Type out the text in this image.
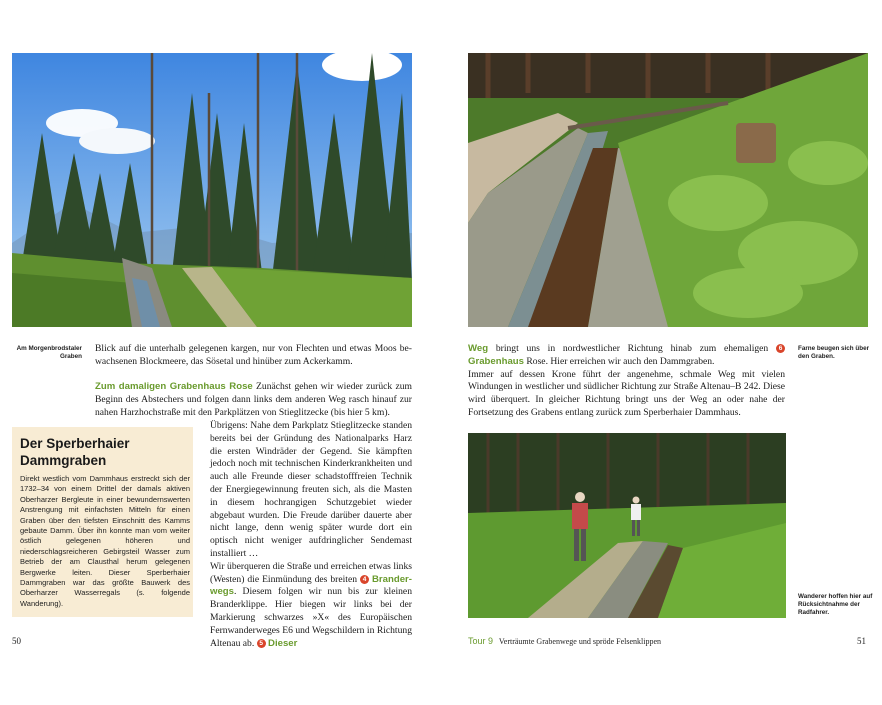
Am Morgenbrodstaler Graben

Blick auf die unterhalb gelegenen kargen, nur von Flechten und etwas Moos bewachsenen Blockmeere, das Sösetal und hinüber zum Ackerkamm.

Zum damaligen Grabenhaus Rose Zunächst gehen wir wieder zurück zum Beginn des Abstechers und folgen dann links dem anderen Weg rasch hinauf zur nahen Harzhochstraße mit den Parkplätzen von Stieglitzecke (bis hier 5 km).

Übrigens: Nahe dem Parkplatz Stieglitzecke standen bereits bei der Gründung des Nationalparks Harz die ersten Windräder der Gegend. Sie kämpften jedoch noch mit technischen Kinderkrankheiten und auch alle Freunde dieser schadstofffreien Technik der Energiegewinnung freuten sich, als die Masten in diesem hochrangigen Schutzgebiet wieder abgebaut wurden. Die Freude darüber dauerte aber nicht lange, denn wenig später wurde dort ein optisch nicht weniger aufdringlicher Sendemast installiert …

Wir überqueren die Straße und erreichen etwas links (Westen) die Einmündung des breiten 4 Branderwegs. Diesem folgen wir nun bis zur kleinen Branderklippe. Hier biegen wir links bei der Markierung schwarzes »X« des Europäischen Fernwanderweges E6 und Wegschildern in Richtung Altenau ab. 5 Dieser

Der Sperberhaier
Dammgraben
Direkt westlich vom Dammhaus erstreckt sich der 1732–34 von einem Drittel der damals aktiven Oberharzer Bergleute in einer bewundernswerten Anstrengung mit einfachsten Mitteln für einen Graben über den tiefsten Einschnitt des Kamms gebaute Damm. Über ihn konnte man vom weiter östlich gelegenen höheren und niederschlagsreicheren Gebirgsteil Wasser zum Betrieb der am Clausthal herum gelegenen Bergwerke leiten. Dieser Sperberhaier Dammgraben war das größte Bauwerk des Oberharzer Wasserregals (s. folgende Wanderung).
50
Farne beugen sich über den Graben.

Weg bringt uns in nordwestlicher Richtung hinab zum ehemaligen 6 Grabenhaus Rose. Hier erreichen wir auch den Dammgraben.

Immer auf dessen Krone führt der angenehme, schmale Weg mit vielen Windungen in westlicher und südlicher Richtung zur Straße Altenau–B 242. Diese wird überquert. In gleicher Richtung bringt uns der Weg an oder nahe der Fortsetzung des Grabens entlang zurück zum Sperberhaier Dammhaus.

Wanderer hoffen hier auf Rücksichtnahme der Radfahrer.
Tour 9 Verträumte Grabenwege und spröde Felsenklippen	51
